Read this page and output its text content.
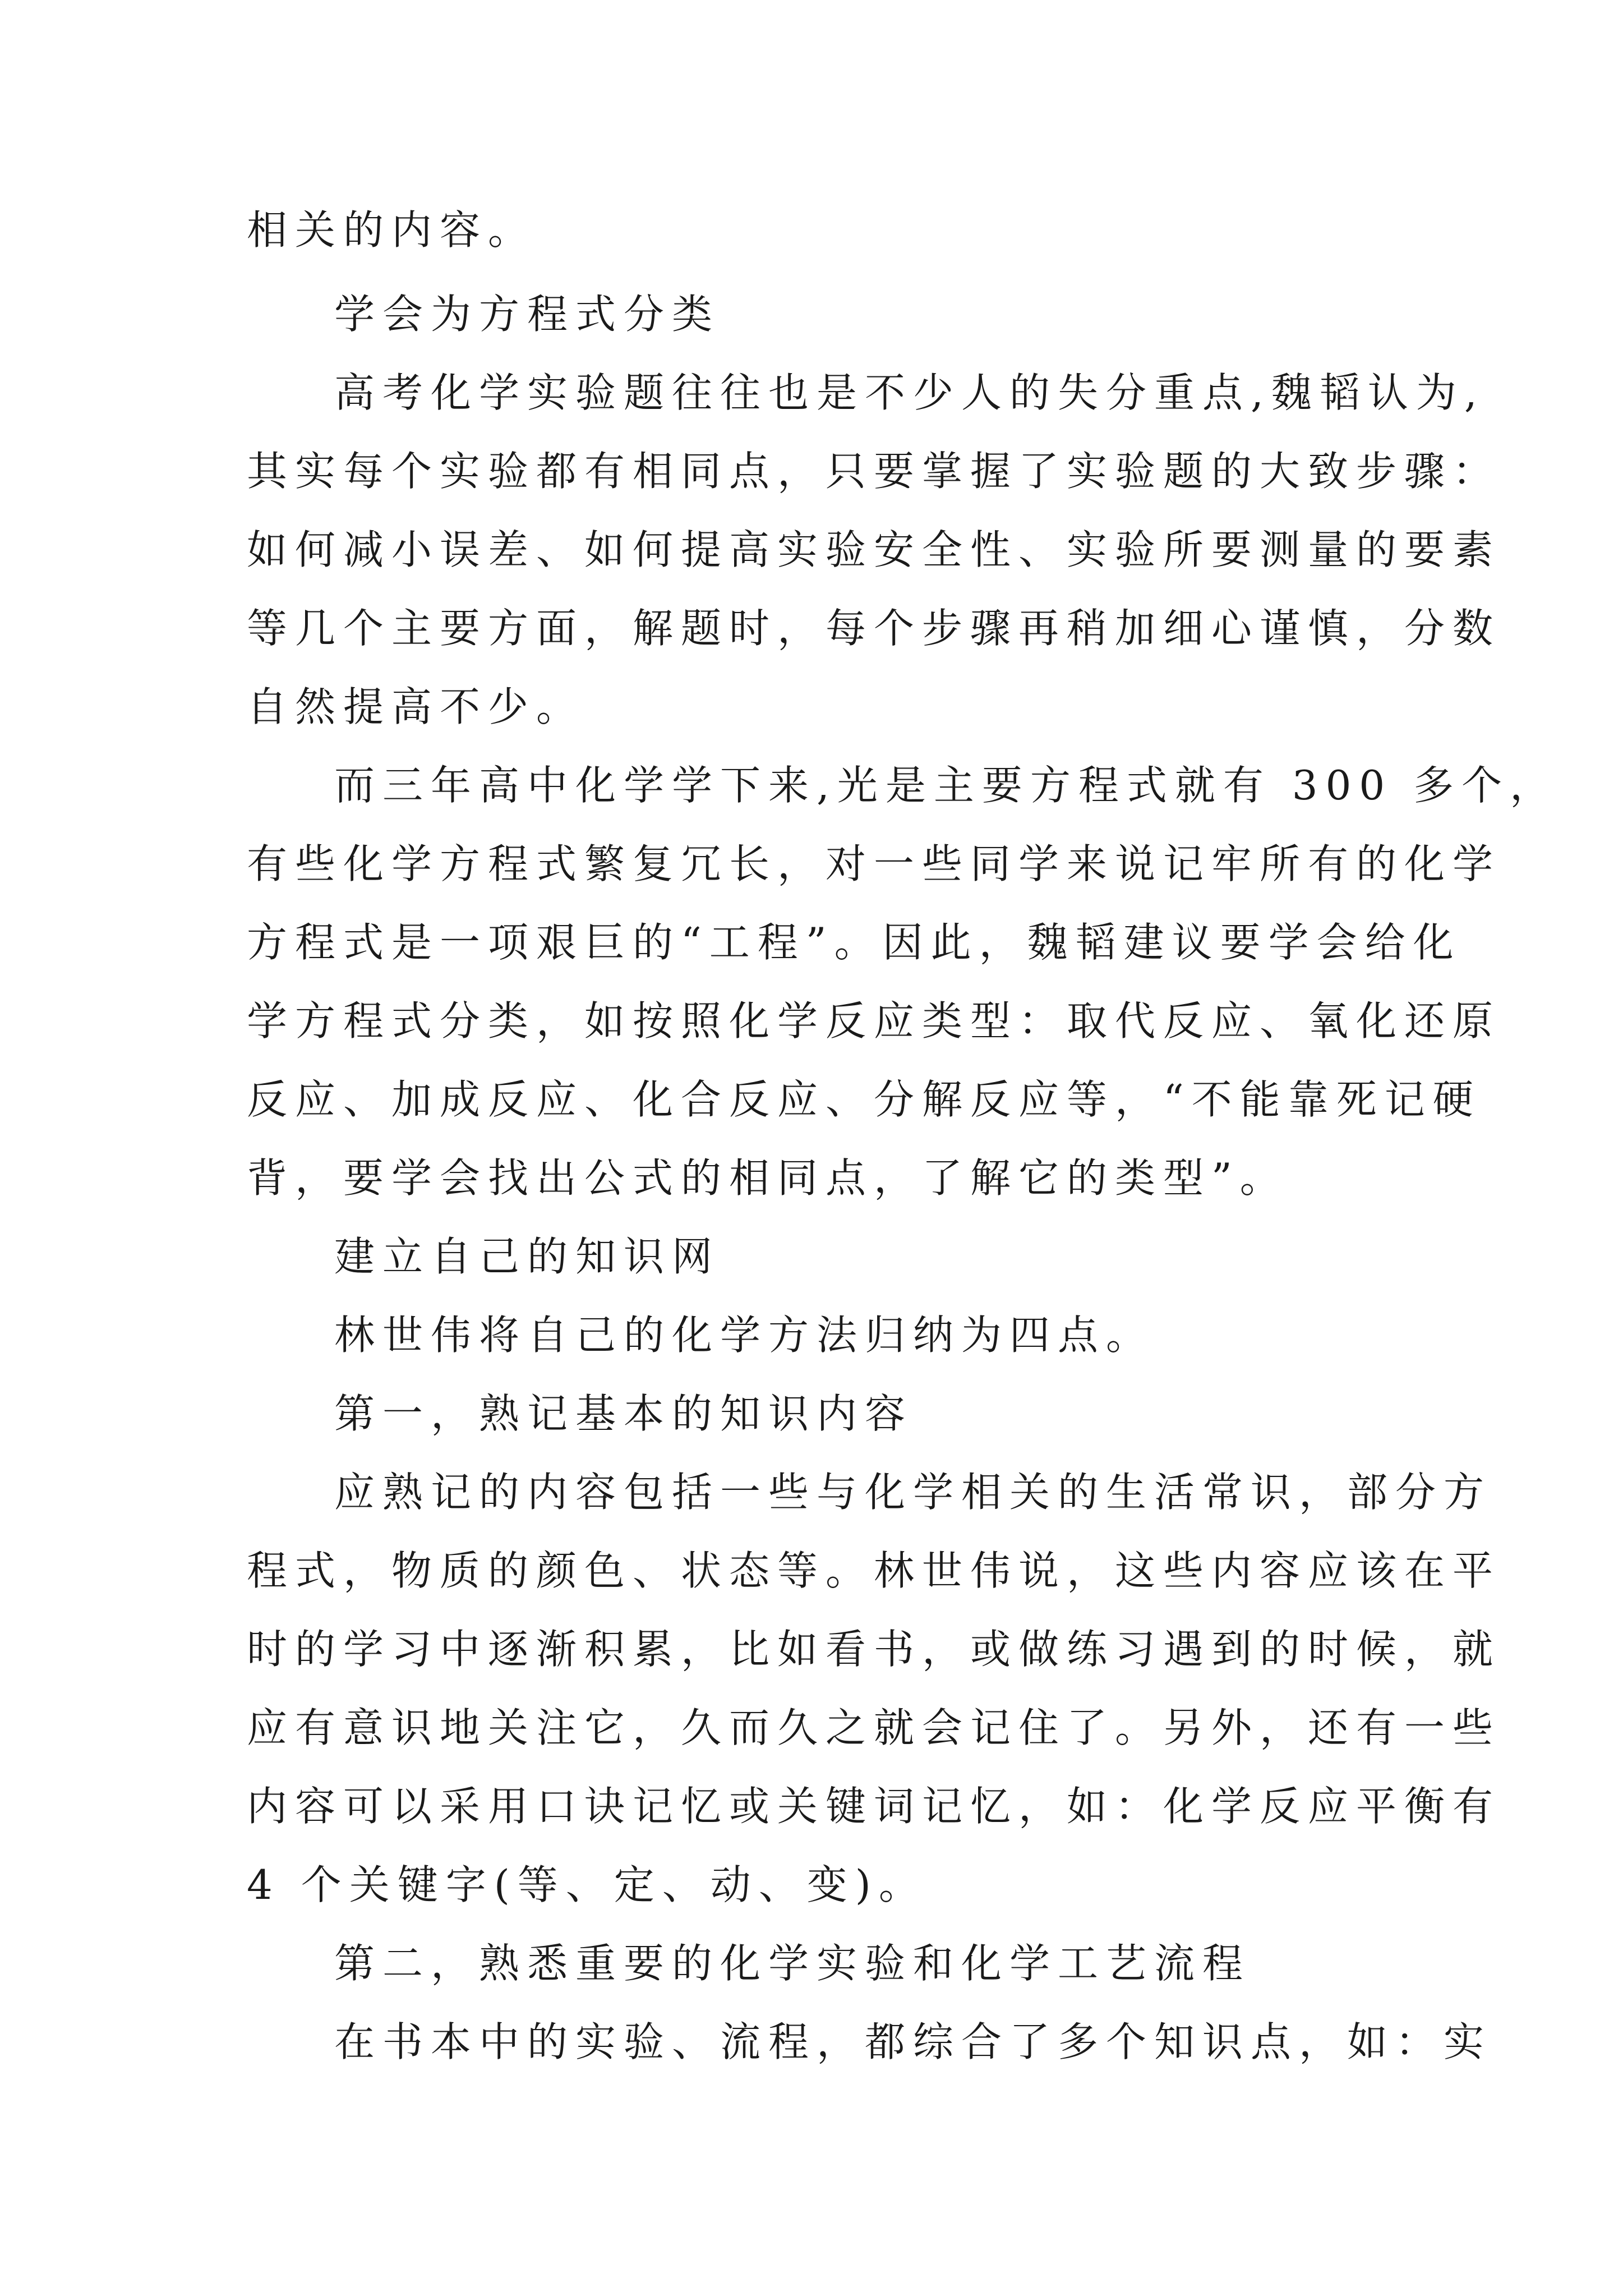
相关的内容。
学会为方程式分类
高考化学实验题往往也是不少人的失分重点,魏韬认为,
其实每个实验都有相同点，只要掌握了实验题的大致步骤：
如何减小误差、如何提高实验安全性、实验所要测量的要素
等几个主要方面，解题时，每个步骤再稍加细心谨慎，分数
自然提高不少。
而三年高中化学学下来,光是主要方程式就有 300 多个，
有些化学方程式繁复冗长，对一些同学来说记牢所有的化学
方程式是一项艰巨的“工程”。因此，魏韬建议要学会给化
学方程式分类，如按照化学反应类型：取代反应、氧化还原
反应、加成反应、化合反应、分解反应等，“不能靠死记硬
背，要学会找出公式的相同点，了解它的类型”。
建立自己的知识网
林世伟将自己的化学方法归纳为四点。
第一，熟记基本的知识内容
应熟记的内容包括一些与化学相关的生活常识，部分方
程式，物质的颜色、状态等。林世伟说，这些内容应该在平
时的学习中逐渐积累，比如看书，或做练习遇到的时候，就
应有意识地关注它，久而久之就会记住了。另外，还有一些
内容可以采用口诀记忆或关键词记忆，如：化学反应平衡有
4 个关键字(等、定、动、变)。
第二，熟悉重要的化学实验和化学工艺流程
在书本中的实验、流程，都综合了多个知识点，如：实
